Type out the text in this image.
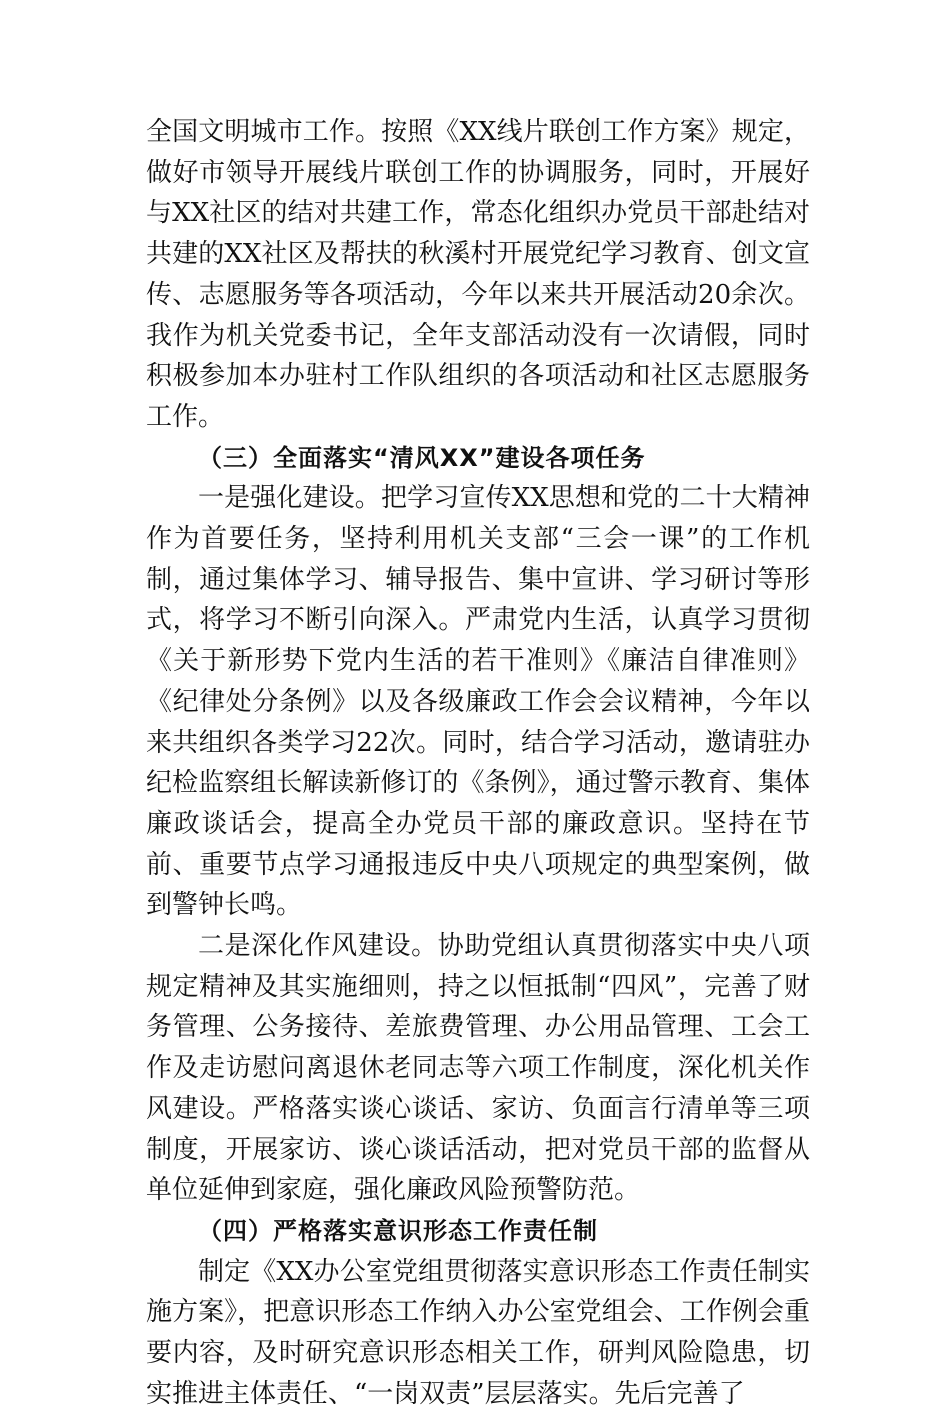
全国文明城市工作。按照《XX线片联创工作方案》规定，做好市领导开展线片联创工作的协调服务，同时，开展好与XX社区的结对共建工作，常态化组织办党员干部赴结对共建的XX社区及帮扶的秋溪村开展党纪学习教育、创文宣传、志愿服务等各项活动，今年以来共开展活动20余次。我作为机关党委书记，全年支部活动没有一次请假，同时积极参加本办驻村工作队组织的各项活动和社区志愿服务工作。

（三）全面落实“清风XX”建设各项任务

一是强化建设。把学习宣传XX思想和党的二十大精神作为首要任务，坚持利用机关支部“三会一课”的工作机制，通过集体学习、辅导报告、集中宣讲、学习研讨等形式，将学习不断引向深入。严肃党内生活，认真学习贯彻《关于新形势下党内生活的若干准则》《廉洁自律准则》《纪律处分条例》以及各级廉政工作会会议精神，今年以来共组织各类学习22次。同时，结合学习活动，邀请驻办纪检监察组长解读新修订的《条例》，通过警示教育、集体廉政谈话会，提高全办党员干部的廉政意识。坚持在节前、重要节点学习通报违反中央八项规定的典型案例，做到警钟长鸣。

二是深化作风建设。协助党组认真贯彻落实中央八项规定精神及其实施细则，持之以恒抵制“四风”，完善了财务管理、公务接待、差旅费管理、办公用品管理、工会工作及走访慰问离退休老同志等六项工作制度，深化机关作风建设。严格落实谈心谈话、家访、负面言行清单等三项制度，开展家访、谈心谈话活动，把对党员干部的监督从单位延伸到家庭，强化廉政风险预警防范。

（四）严格落实意识形态工作责任制

制定《XX办公室党组贯彻落实意识形态工作责任制实施方案》，把意识形态工作纳入办公室党组会、工作例会重要内容，及时研究意识形态相关工作，研判风险隐患，切实推进主体责任、“一岗双责”层层落实。先后完善了
